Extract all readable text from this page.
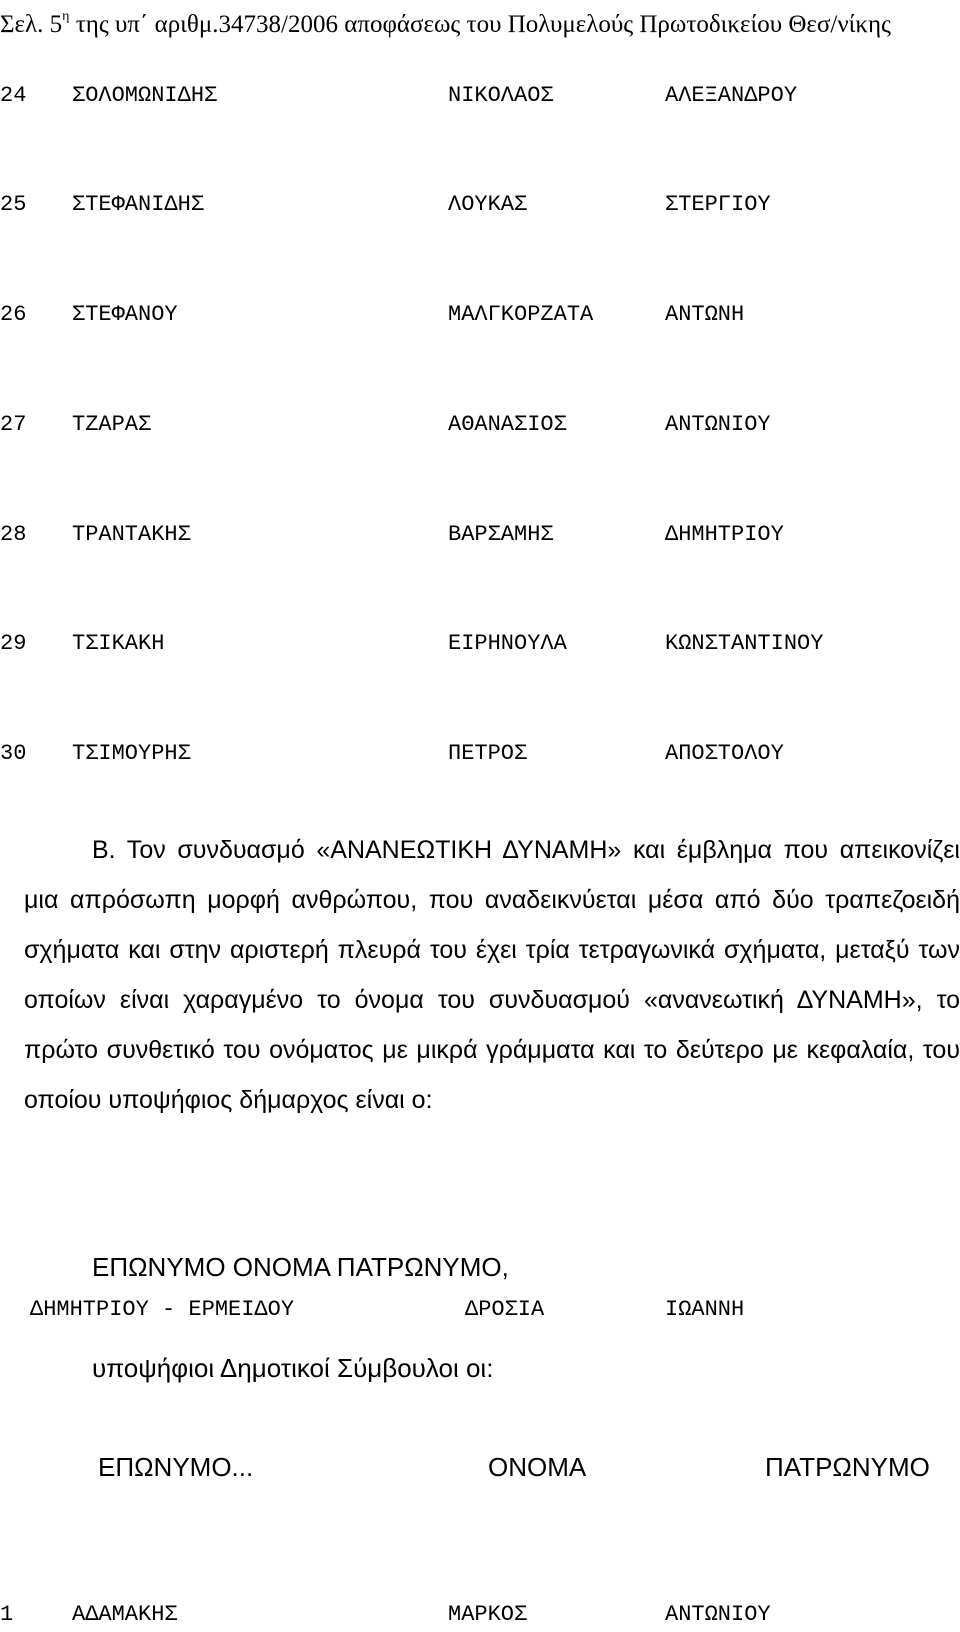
Σελ. $5^\eta$ της υπ΄ αριθμ.34738/2006 αποφάσεως του Πολυμελούς Πρωτοδικείου Θεσ/νίκης
24 ΣΟΛΟΜΩΝΙΔΗΣ	ΝΙΚΟΛΑΟΣ	ΑΛΕΞΑΝΔΡΟΥ
25 ΣΤΕΦΑΝΙΔΗΣ	ΛΟΥΚΑΣ	ΣΤΕΡΓΙΟΥ
26 ΣΤΕΦΑΝΟΥ	ΜΑΛΓΚΟΡΖΑΤΑ	ΑΝΤΩΝΗ
27 ΤΖΑΡΑΣ	ΑΘΑΝΑΣΙΟΣ	ΑΝΤΩΝΙΟΥ
28 ΤΡΑΝΤΑΚΗΣ	ΒΑΡΣΑΜΗΣ	ΔΗΜΗΤΡΙΟΥ
29 ΤΣΙΚΑΚΗ	ΕΙΡΗΝΟΥΛΑ	ΚΩΝΣΤΑΝΤΙΝΟΥ
30 ΤΣΙΜΟΥΡΗΣ	ΠΕΤΡΟΣ	ΑΠΟΣΤΟΛΟΥ

Β. Τον συνδυασμό «ΑΝΑΝΕΩΤΙΚΗ ΔΥΝΑΜΗ» και έμβλημα που απεικονίζει μια απρόσωπη μορφή ανθρώπου, που αναδεικνύεται μέσα από δύο τραπεζοειδή σχήματα και στην αριστερή πλευρά του έχει τρία τετραγωνικά σχήματα, μεταξύ των οποίων είναι χαραγμένο το όνομα του συνδυασμού «ανανεωτική ΔΥΝΑΜΗ», το πρώτο συνθετικό του ονόματος με μικρά γράμματα και το δεύτερο με κεφαλαία, του οποίου υποψήφιος δήμαρχος είναι ο:

ΕΠΩΝΥΜΟ ΟΝΟΜΑ ΠΑΤΡΩΝΥΜΟ,
ΔΗΜΗΤΡΙΟΥ - ΕΡΜΕΙΔΟΥ	ΔΡΟΣΙΑ	ΙΩΑΝΝΗ
υποψήφιοι Δημοτικοί Σύμβουλοι οι:
ΕΠΩΝΥΜΟ...	ΟΝΟΜΑ	ΠΑΤΡΩΝΥΜΟ
1	ΑΔΑΜΑΚΗΣ	ΜΑΡΚΟΣ	ΑΝΤΩΝΙΟΥ
